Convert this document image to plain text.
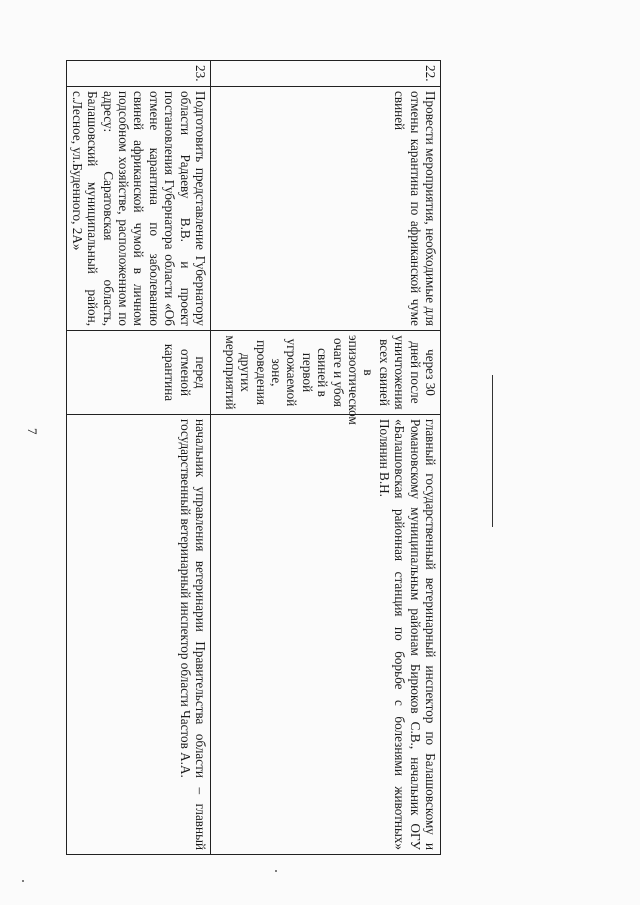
22.	Провести мероприятия, необходимые для отмены карантина по африканской чуме свиней	через 30 дней после уничтожения всех свиней в эпизоотическом очаге и убоя свиней в первой угрожаемой зоне, проведения других мероприятий	главный государственный ветеринарный инспектор по Балашовскому и Романовскому муниципальным районам Бирюков С.В., начальник ОГУ «Балашовская районная станция по борьбе с болезнями животных» Полянин В.Н.
23.	Подготовить представление Губернатору области Радаеву В.В. и проект постановления Губернатора области «Об отмене карантина по заболеванию свиней африканской чумой в личном подсобном хозяйстве, расположенном по адресу: Саратовская область, Балашовский муниципальный район, с.Лесное, ул.Буденного, 2А»	перед отменой карантина	начальник управления ветеринарии Правительства области – главный государственный ветеринарный инспектор области Частов А.А.
7
